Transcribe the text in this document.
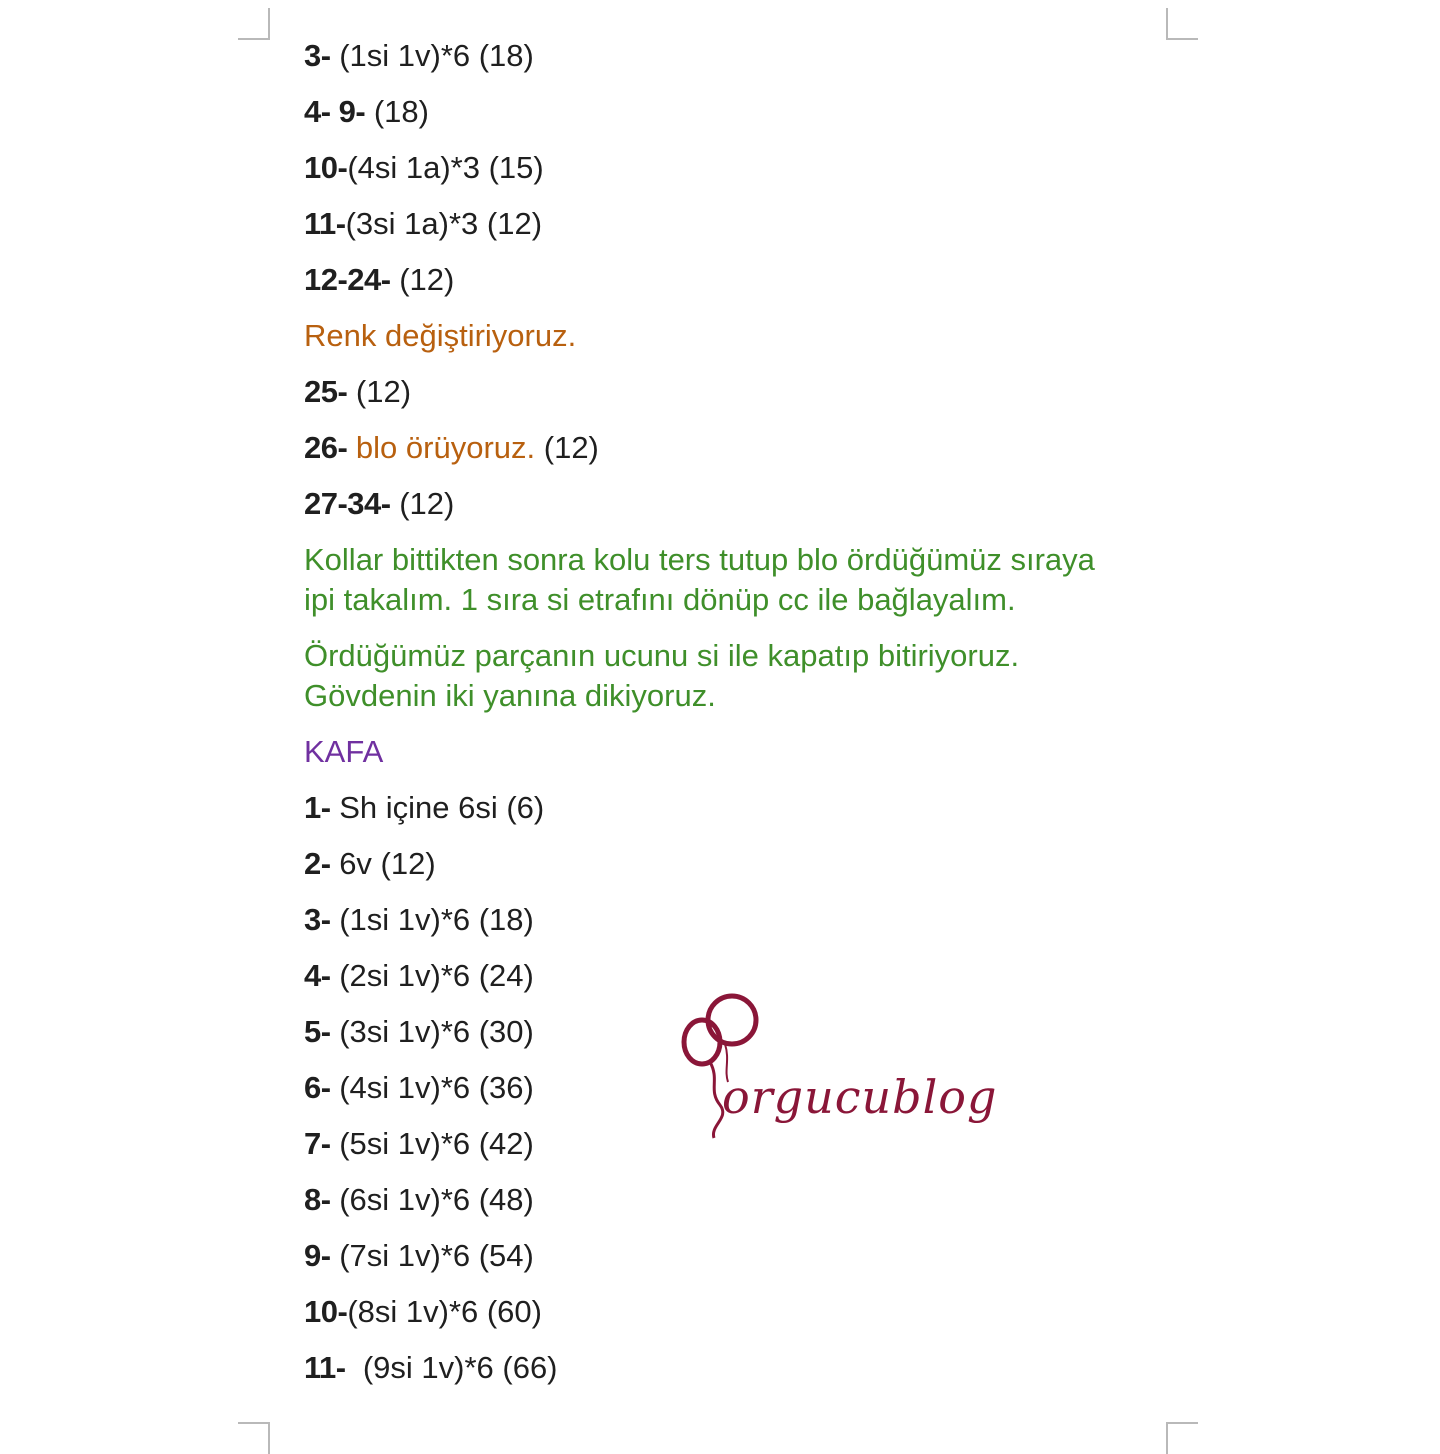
3- (1si 1v)*6 (18)
4- 9- (18)
10-(4si 1a)*3 (15)
11-(3si 1a)*3 (12)
12-24- (12)
Renk değiştiriyoruz.
25- (12)
26- blo örüyoruz. (12)
27-34- (12)
Kollar bittikten sonra kolu ters tutup blo ördüğümüz sıraya
ipi takalım. 1 sıra si etrafını dönüp cc ile bağlayalım.
Ördüğümüz parçanın ucunu si ile kapatıp bitiriyoruz.
Gövdenin iki yanına dikiyoruz.
KAFA
1- Sh içine 6si (6)
2- 6v (12)
3- (1si 1v)*6 (18)
4- (2si 1v)*6 (24)
5- (3si 1v)*6 (30)
6- (4si 1v)*6 (36)
7- (5si 1v)*6 (42)
8- (6si 1v)*6 (48)
9- (7si 1v)*6 (54)
10-(8si 1v)*6 (60)
11-  (9si 1v)*6 (66)
orgucublog
